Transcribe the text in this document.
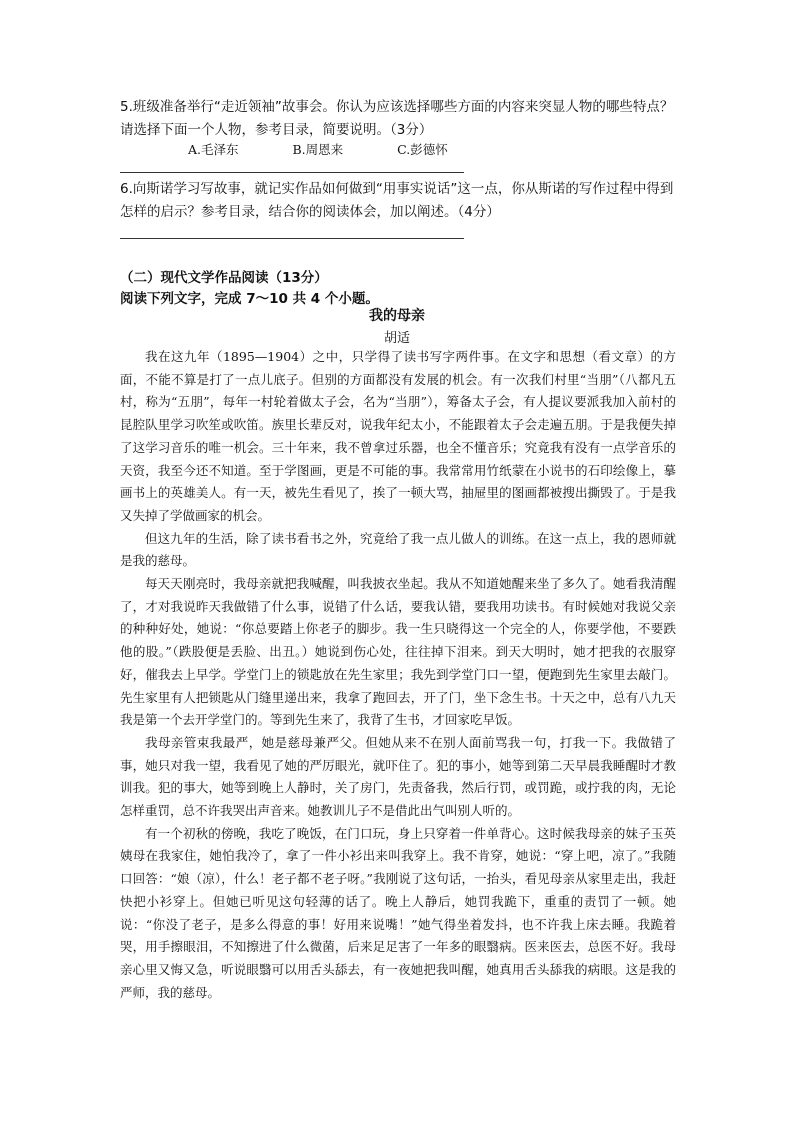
5.班级准备举行“走近领袖”故事会。你认为应该选择哪些方面的内容来突显人物的哪些特点？请选择下面一个人物，参考目录，简要说明。（3分）

A.毛泽东	B.周恩来	C.彭德怀

6.向斯诺学习写故事，就记实作品如何做到“用事实说话”这一点，你从斯诺的写作过程中得到怎样的启示？参考目录，结合你的阅读体会，加以阐述。（4分）

（二）现代文学作品阅读（13分）
阅读下列文字，完成 7～10 共 4 个小题。
我的母亲
胡适

我在这九年（1895—1904）之中，只学得了读书写字两件事。在文字和思想（看文章）的方面，不能不算是打了一点儿底子。但别的方面都没有发展的机会。有一次我们村里“当朋”（八都凡五村，称为“五朋”，每年一村轮着做太子会，名为“当朋”），筹备太子会，有人提议要派我加入前村的昆腔队里学习吹笙或吹笛。族里长辈反对，说我年纪太小，不能跟着太子会走遍五朋。于是我便失掉了这学习音乐的唯一机会。三十年来，我不曾拿过乐器，也全不懂音乐；究竟我有没有一点学音乐的天资，我至今还不知道。至于学图画，更是不可能的事。我常常用竹纸蒙在小说书的石印绘像上，摹画书上的英雄美人。有一天，被先生看见了，挨了一顿大骂，抽屉里的图画都被搜出撕毁了。于是我又失掉了学做画家的机会。

但这九年的生活，除了读书看书之外，究竟给了我一点儿做人的训练。在这一点上，我的恩师就是我的慈母。

每天天刚亮时，我母亲就把我喊醒，叫我披衣坐起。我从不知道她醒来坐了多久了。她看我清醒了，才对我说昨天我做错了什么事，说错了什么话，要我认错，要我用功读书。有时候她对我说父亲的种种好处，她说：“你总要踏上你老子的脚步。我一生只晓得这一个完全的人，你要学他，不要跌他的股。”（跌股便是丢脸、出丑。）她说到伤心处，往往掉下泪来。到天大明时，她才把我的衣服穿好，催我去上早学。学堂门上的锁匙放在先生家里；我先到学堂门口一望，便跑到先生家里去敲门。先生家里有人把锁匙从门缝里递出来，我拿了跑回去，开了门，坐下念生书。十天之中，总有八九天我是第一个去开学堂门的。等到先生来了，我背了生书，才回家吃早饭。

我母亲管束我最严，她是慈母兼严父。但她从来不在别人面前骂我一句，打我一下。我做错了事，她只对我一望，我看见了她的严厉眼光，就吓住了。犯的事小，她等到第二天早晨我睡醒时才教训我。犯的事大，她等到晚上人静时，关了房门，先责备我，然后行罚，或罚跪，或拧我的肉，无论怎样重罚，总不许我哭出声音来。她教训儿子不是借此出气叫别人听的。

有一个初秋的傍晚，我吃了晚饭，在门口玩，身上只穿着一件单背心。这时候我母亲的妹子玉英姨母在我家住，她怕我冷了，拿了一件小衫出来叫我穿上。我不肯穿，她说：“穿上吧，凉了。”我随口回答：“娘（凉），什么！老子都不老子呀。”我刚说了这句话，一抬头，看见母亲从家里走出，我赶快把小衫穿上。但她已听见这句轻薄的话了。晚上人静后，她罚我跪下，重重的责罚了一顿。她说：“你没了老子，是多么得意的事！好用来说嘴！”她气得坐着发抖，也不许我上床去睡。我跪着哭，用手擦眼泪，不知擦进了什么微菌，后来足足害了一年多的眼翳病。医来医去，总医不好。我母亲心里又悔又急，听说眼翳可以用舌头舔去，有一夜她把我叫醒，她真用舌头舔我的病眼。这是我的严师，我的慈母。
